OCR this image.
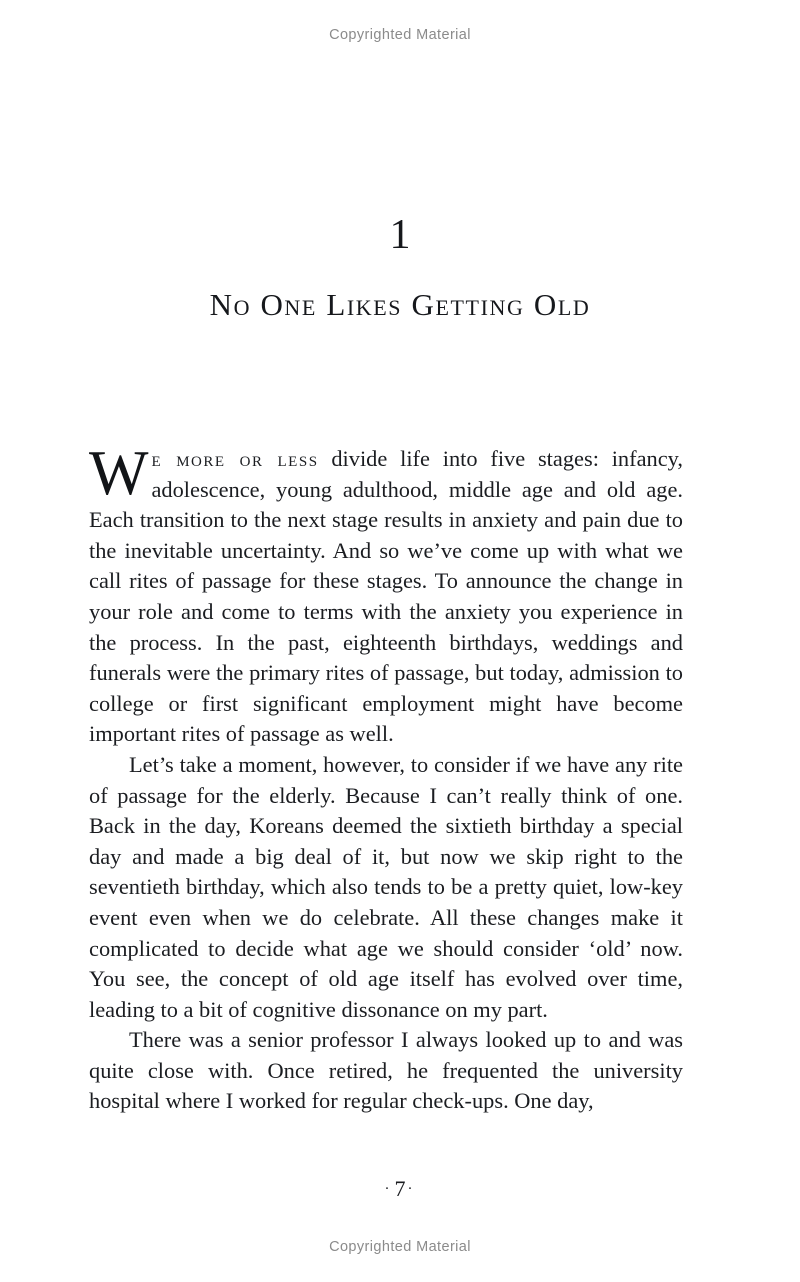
Copyrighted Material
1
No One Likes Getting Old

We more or less divide life into five stages: infancy, adolescence, young adulthood, middle age and old age. Each transition to the next stage results in anxiety and pain due to the inevitable uncertainty. And so we’ve come up with what we call rites of passage for these stages. To announce the change in your role and come to terms with the anxiety you experience in the process. In the past, eighteenth birthdays, weddings and funerals were the primary rites of passage, but today, admission to college or first significant employment might have become important rites of passage as well.

Let’s take a moment, however, to consider if we have any rite of passage for the elderly. Because I can’t really think of one. Back in the day, Koreans deemed the sixtieth birthday a special day and made a big deal of it, but now we skip right to the seventieth birthday, which also tends to be a pretty quiet, low-key event even when we do celebrate. All these changes make it complicated to decide what age we should consider ‘old’ now. You see, the concept of old age itself has evolved over time, leading to a bit of cognitive dissonance on my part.

There was a senior professor I always looked up to and was quite close with. Once retired, he frequented the university hospital where I worked for regular check-ups. One day,

·7 ·
Copyrighted Material
